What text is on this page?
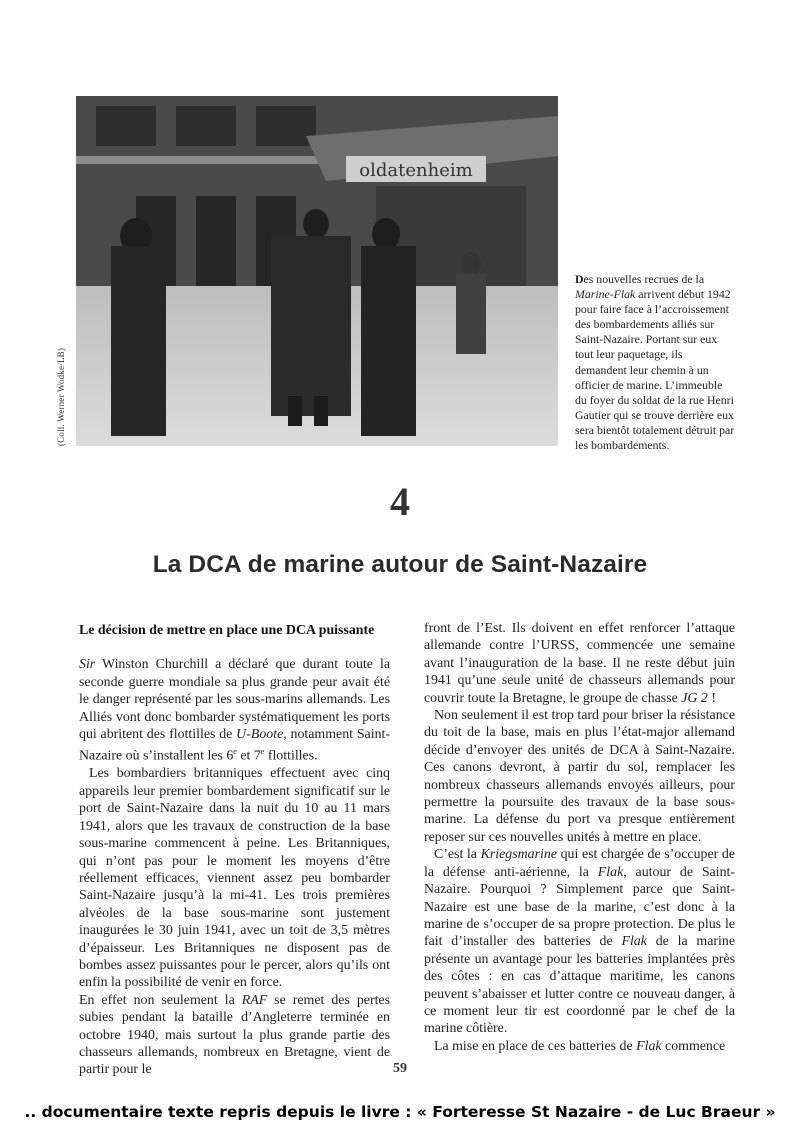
oldatenheim
(Coll. Werner Wodke/LB)
Des nouvelles recrues de la
Marine-Flak arrivent début 1942 pour faire face à l’accroissement des bombardements alliés sur Saint-Nazaire. Portant sur eux tout leur paquetage, ils demandent leur chemin à un officier de marine. L’immeuble du foyer du soldat de la rue Henri Gautier qui se trouve derrière eux sera bientôt totalement détruit par les bombardements.
4
La DCA de marine autour de Saint-Nazaire
Le décision de mettre en place une DCA puissante

Sir Winston Churchill a déclaré que durant toute la seconde guerre mondiale sa plus grande peur avait été le danger représenté par les sous-marins allemands. Les Alliés vont donc bombarder systématiquement les ports qui abritent des flottilles de U-Boote, notamment Saint-Nazaire où s’installent les 6e et 7e flottilles.

Les bombardiers britanniques effectuent avec cinq appareils leur premier bombardement significatif sur le port de Saint-Nazaire dans la nuit du 10 au 11 mars 1941, alors que les travaux de construction de la base sous-marine commencent à peine. Les Britanniques, qui n’ont pas pour le moment les moyens d’être réellement efficaces, viennent assez peu bombarder Saint-Nazaire jusqu’à la mi-41. Les trois premières alvéoles de la base sous-marine sont justement inaugurées le 30 juin 1941, avec un toit de 3,5 mètres d’épaisseur. Les Britanniques ne disposent pas de bombes assez puissantes pour le percer, alors qu’ils ont enfin la possibilité de venir en force.

En effet non seulement la RAF se remet des pertes subies pendant la bataille d’Angleterre terminée en octobre 1940, mais surtout la plus grande partie des chasseurs allemands, nombreux en Bretagne, vient de partir pour le

front de l’Est. Ils doivent en effet renforcer l’attaque allemande contre l’URSS, commencée une semaine avant l’inauguration de la base. Il ne reste début juin 1941 qu’une seule unité de chasseurs allemands pour couvrir toute la Bretagne, le groupe de chasse JG 2 !

Non seulement il est trop tard pour briser la résistance du toit de la base, mais en plus l’état-major allemand décide d’envoyer des unités de DCA à Saint-Nazaire. Ces canons devront, à partir du sol, remplacer les nombreux chasseurs allemands envoyés ailleurs, pour permettre la poursuite des travaux de la base sous-marine. La défense du port va presque entièrement reposer sur ces nouvelles unités à mettre en place.

C’est la Kriegsmarine qui est chargée de s’occuper de la défense anti-aérienne, la Flak, autour de Saint-Nazaire. Pourquoi ? Simplement parce que Saint-Nazaire est une base de la marine, c’est donc à la marine de s’occuper de sa propre protection. De plus le fait d’installer des batteries de Flak de la marine présente un avantage pour les batteries implantées près des côtes : en cas d’attaque maritime, les canons peuvent s’abaisser et lutter contre ce nouveau danger, à ce moment leur tir est coordonné par le chef de la marine côtière.

La mise en place de ces batteries de Flak commence

59
.. documentaire texte repris depuis le livre : « Forteresse St Nazaire - de Luc Braeur »
